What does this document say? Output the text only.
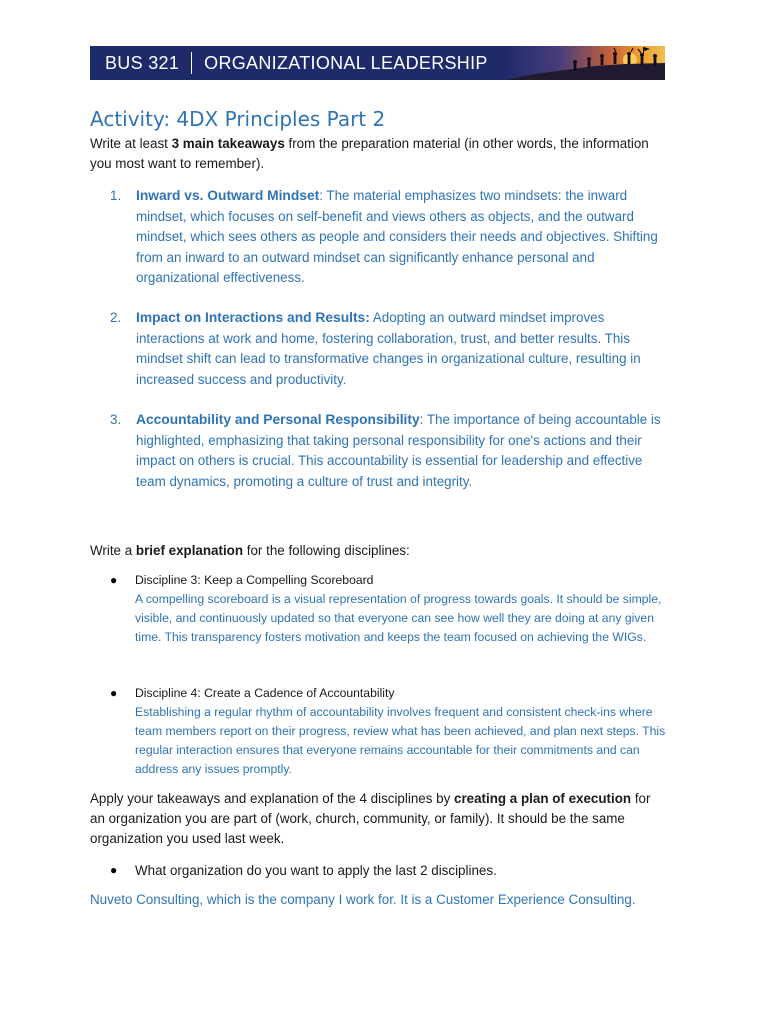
BUS 321 ORGANIZATIONAL LEADERSHIP
Activity: 4DX Principles Part 2
Write at least 3 main takeaways from the preparation material (in other words, the information you most want to remember).
1.	Inward vs. Outward Mindset: The material emphasizes two mindsets: the inward mindset, which focuses on self-benefit and views others as objects, and the outward mindset, which sees others as people and considers their needs and objectives. Shifting from an inward to an outward mindset can significantly enhance personal and organizational effectiveness.
2.	Impact on Interactions and Results: Adopting an outward mindset improves interactions at work and home, fostering collaboration, trust, and better results. This mindset shift can lead to transformative changes in organizational culture, resulting in increased success and productivity.
3.	Accountability and Personal Responsibility: The importance of being accountable is highlighted, emphasizing that taking personal responsibility for one's actions and their impact on others is crucial. This accountability is essential for leadership and effective team dynamics, promoting a culture of trust and integrity.
Write a brief explanation for the following disciplines:
● Discipline 3: Keep a Compelling Scoreboard
A compelling scoreboard is a visual representation of progress towards goals. It should be simple, visible, and continuously updated so that everyone can see how well they are doing at any given time. This transparency fosters motivation and keeps the team focused on achieving the WIGs.
● Discipline 4: Create a Cadence of Accountability
Establishing a regular rhythm of accountability involves frequent and consistent check-ins where team members report on their progress, review what has been achieved, and plan next steps. This regular interaction ensures that everyone remains accountable for their commitments and can address any issues promptly.
Apply your takeaways and explanation of the 4 disciplines by creating a plan of execution for an organization you are part of (work, church, community, or family). It should be the same organization you used last week.
● What organization do you want to apply the last 2 disciplines.
Nuveto Consulting, which is the company I work for. It is a Customer Experience Consulting.
